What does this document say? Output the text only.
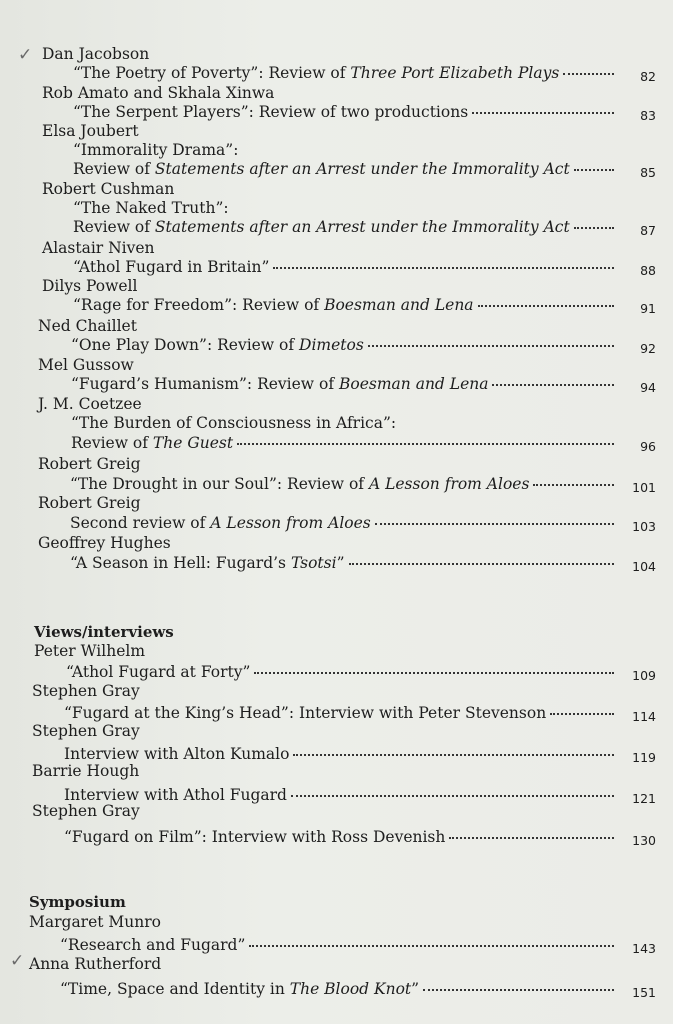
✓
✓
Dan Jacobson
“The Poetry of Poverty”: Review of Three Port Elizabeth Plays	82
Rob Amato and Skhala Xinwa
“The Serpent Players”: Review of two productions	83
Elsa Joubert
“Immorality Drama”:
Review of Statements after an Arrest under the Immorality Act	85
Robert Cushman
“The Naked Truth”:
Review of Statements after an Arrest under the Immorality Act	87
Alastair Niven
“Athol Fugard in Britain”	88
Dilys Powell
“Rage for Freedom”: Review of Boesman and Lena	91
Ned Chaillet
“One Play Down”: Review of Dimetos	92
Mel Gussow
“Fugard’s Humanism”: Review of Boesman and Lena	94
J. M. Coetzee
“The Burden of Consciousness in Africa”:
Review of The Guest	96
Robert Greig
“The Drought in our Soul”: Review of A Lesson from Aloes	101
Robert Greig
Second review of A Lesson from Aloes	103
Geoffrey Hughes
“A Season in Hell: Fugard’s Tsotsi”	104
Views/interviews
Peter Wilhelm
“Athol Fugard at Forty”	109
Stephen Gray
“Fugard at the King’s Head”: Interview with Peter Stevenson	114
Stephen Gray
Interview with Alton Kumalo	119
Barrie Hough
Interview with Athol Fugard	121
Stephen Gray
“Fugard on Film”: Interview with Ross Devenish	130
Symposium
Margaret Munro
“Research and Fugard”	143
Anna Rutherford
“Time, Space and Identity in The Blood Knot”	151
